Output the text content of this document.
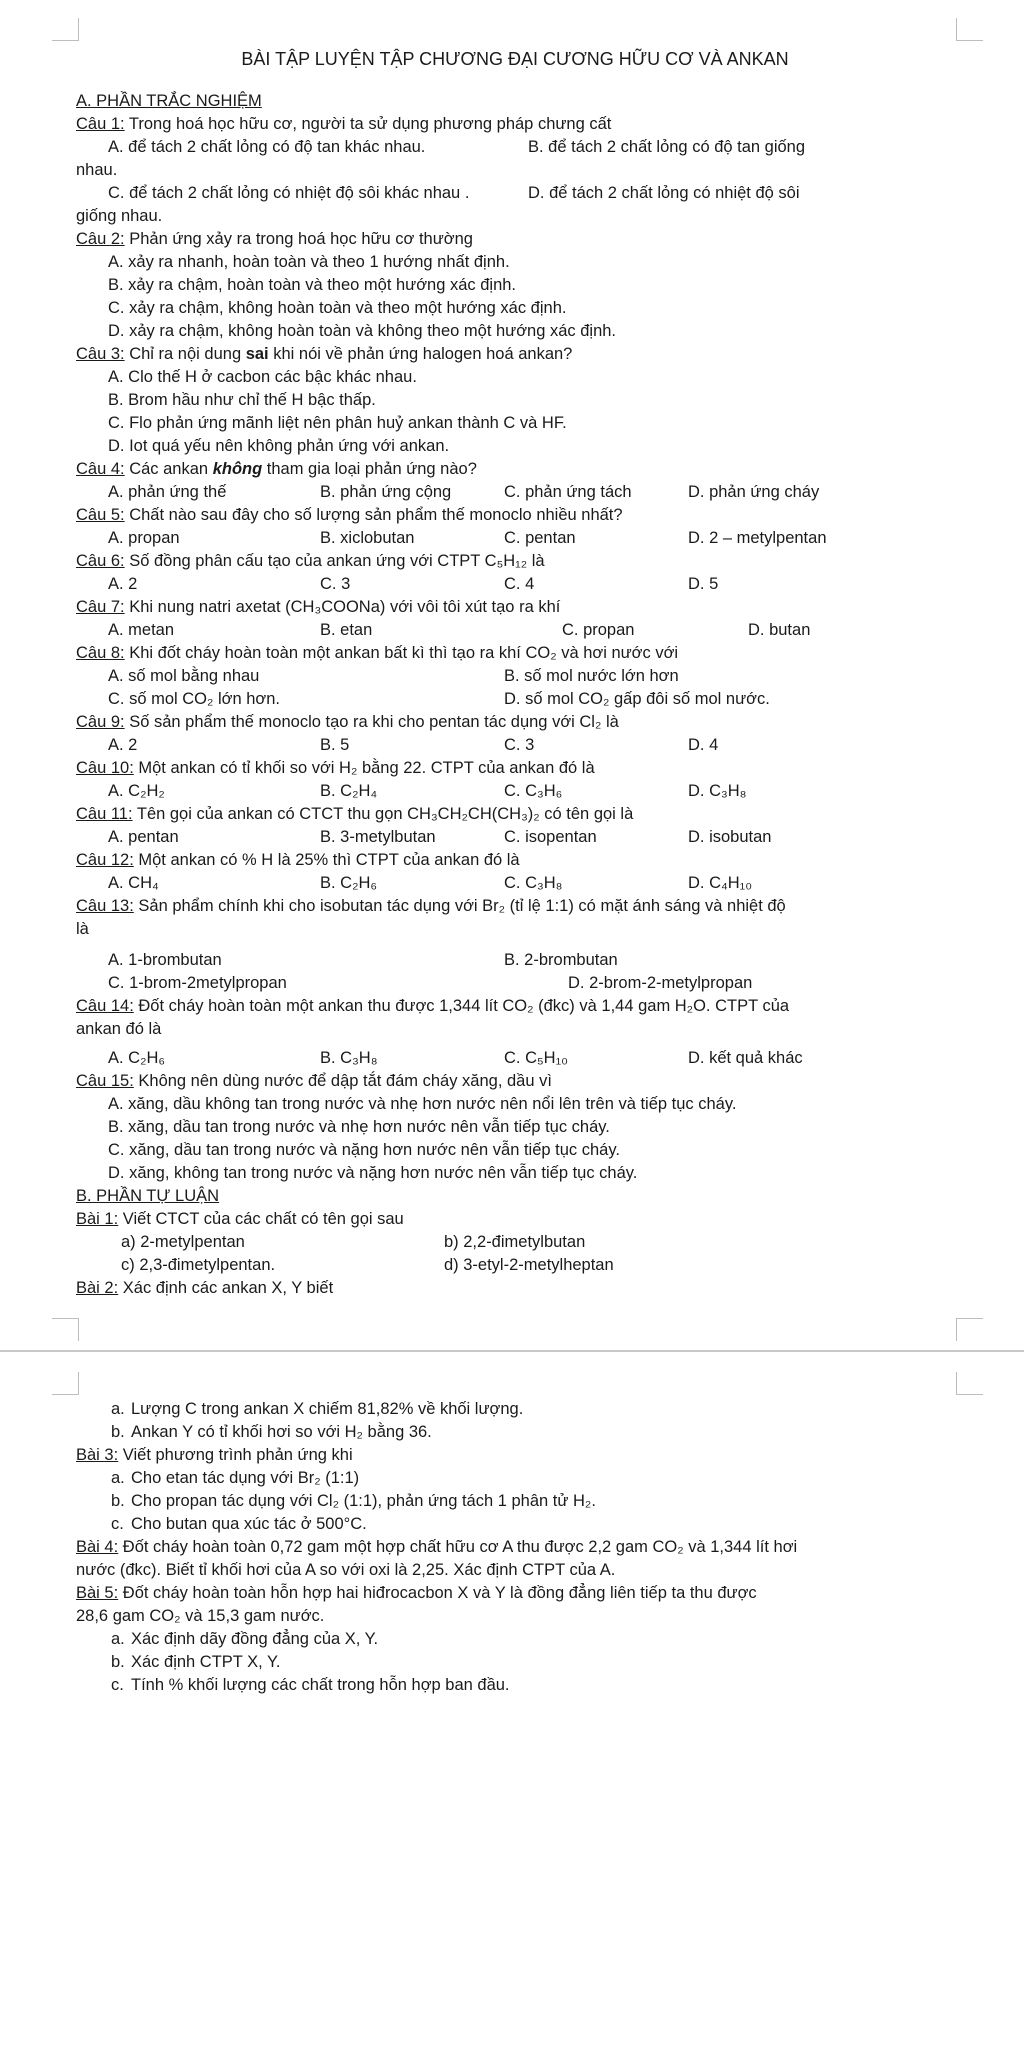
BÀI TẬP LUYỆN TẬP CHƯƠNG ĐẠI CƯƠNG HỮU CƠ VÀ ANKAN
A. PHẦN TRẮC NGHIỆM
Câu 1: Trong hoá học hữu cơ, người ta sử dụng phương pháp chưng cất
A. để tách 2 chất lỏng có độ tan khác nhau.	B. để tách 2 chất lỏng có độ tan giống
nhau.
C. để tách 2 chất lỏng có nhiệt độ sôi khác nhau .	D. để tách 2 chất lỏng có nhiệt độ sôi
giống nhau.
Câu 2: Phản ứng xảy ra trong hoá học hữu cơ thường
A. xảy ra nhanh, hoàn toàn và theo 1 hướng nhất định.
B. xảy ra chậm, hoàn toàn và theo một hướng xác định.
C. xảy ra chậm, không hoàn toàn và theo một hướng xác định.
D. xảy ra chậm, không hoàn toàn và không theo một hướng xác định.
Câu 3: Chỉ ra nội dung sai khi nói về phản ứng halogen hoá ankan?
A. Clo thế H ở cacbon các bậc khác nhau.
B. Brom hầu như chỉ thế H bậc thấp.
C. Flo phản ứng mãnh liệt nên phân huỷ ankan thành C và HF.
D. Iot quá yếu nên không phản ứng với ankan.
Câu 4: Các ankan không tham gia loại phản ứng nào?
A. phản ứng thế	B. phản ứng cộng	C. phản ứng tách	D. phản ứng cháy
Câu 5: Chất nào sau đây cho số lượng sản phẩm thế monoclo nhiều nhất?
A. propan	B. xiclobutan	C. pentan	D. 2 – metylpentan
Câu 6: Số đồng phân cấu tạo của ankan ứng với CTPT C₅H₁₂ là
A. 2	C. 3	C. 4	D. 5
Câu 7: Khi nung natri axetat (CH₃COONa) với vôi tôi xút tạo ra khí
A. metan	B. etan	C. propan	D. butan
Câu 8: Khi đốt cháy hoàn toàn một ankan bất kì thì tạo ra khí CO₂ và hơi nước với
A. số mol bằng nhau	B. số mol nước lớn hơn
C. số mol CO₂ lớn hơn.	D. số mol CO₂ gấp đôi số mol nước.
Câu 9: Số sản phẩm thế monoclo tạo ra khi cho pentan tác dụng với Cl₂ là
A. 2	B. 5	C. 3	D. 4
Câu 10: Một ankan có tỉ khối so với H₂ bằng 22. CTPT của ankan đó là
A. C₂H₂	B. C₂H₄	C. C₃H₆	D. C₃H₈
Câu 11: Tên gọi của ankan có CTCT thu gọn CH₃CH₂CH(CH₃)₂ có tên gọi là
A. pentan	B. 3-metylbutan	C. isopentan	D. isobutan
Câu 12: Một ankan có % H là 25% thì CTPT của ankan đó là
A. CH₄	B. C₂H₆	C. C₃H₈	D. C₄H₁₀
Câu 13: Sản phẩm chính khi cho isobutan tác dụng với Br₂ (tỉ lệ 1:1) có mặt ánh sáng và nhiệt độ
là
A. 1-brombutan	B. 2-brombutan
C. 1-brom-2metylpropan	D. 2-brom-2-metylpropan
Câu 14: Đốt cháy hoàn toàn một ankan thu được 1,344 lít CO₂ (đkc) và 1,44 gam H₂O. CTPT của
ankan đó là
A. C₂H₆	B. C₃H₈	C. C₅H₁₀	D. kết quả khác
Câu 15: Không nên dùng nước để dập tắt đám cháy xăng, dầu vì
A. xăng, dầu không tan trong nước và nhẹ hơn nước nên nổi lên trên và tiếp tục cháy.
B. xăng, dầu tan trong nước và nhẹ hơn nước nên vẫn tiếp tục cháy.
C. xăng, dầu tan trong nước và nặng hơn nước nên vẫn tiếp tục cháy.
D. xăng, không tan trong nước và nặng hơn nước nên vẫn tiếp tục cháy.
B. PHẦN TỰ LUẬN
Bài 1: Viết CTCT của các chất có tên gọi sau
a) 2-metylpentan	b) 2,2-đimetylbutan
c) 2,3-đimetylpentan.	d) 3-etyl-2-metylheptan
Bài 2: Xác định các ankan X, Y biết
a. Lượng C trong ankan X chiếm 81,82% về khối lượng.
b. Ankan Y có tỉ khối hơi so với H₂ bằng 36.
Bài 3: Viết phương trình phản ứng khi
a. Cho etan tác dụng với Br₂ (1:1)
b. Cho propan tác dụng với Cl₂ (1:1), phản ứng tách 1 phân tử H₂.
c. Cho butan qua xúc tác ở 500°C.
Bài 4: Đốt cháy hoàn toàn 0,72 gam một hợp chất hữu cơ A thu được 2,2 gam CO₂ và 1,344 lít hơi
nước (đkc). Biết tỉ khối hơi của A so với oxi là 2,25. Xác định CTPT của A.
Bài 5: Đốt cháy hoàn toàn hỗn hợp hai hiđrocacbon X và Y là đồng đẳng liên tiếp ta thu được
28,6 gam CO₂ và 15,3 gam nước.
a. Xác định dãy đồng đẳng của X, Y.
b. Xác định CTPT X, Y.
c. Tính % khối lượng các chất trong hỗn hợp ban đầu.
